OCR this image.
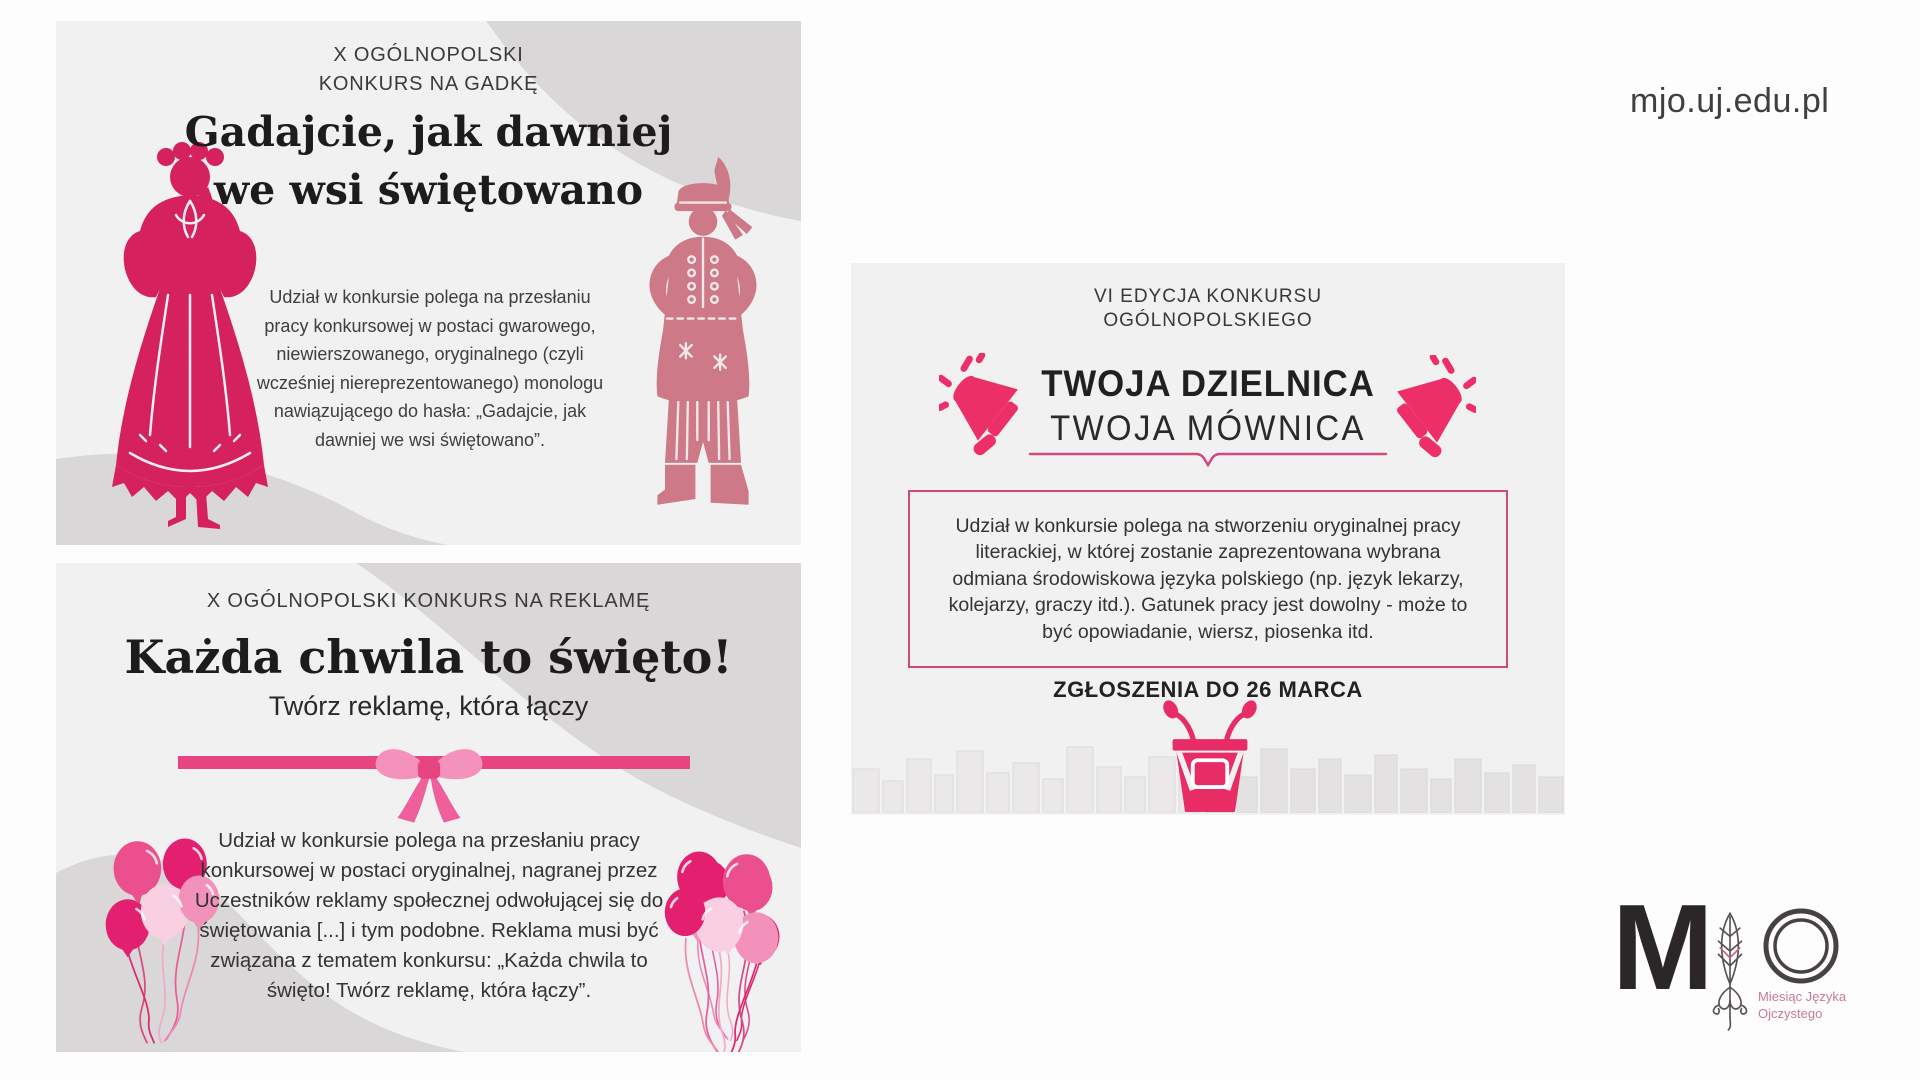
X OGÓLNOPOLSKI
KONKURS NA GADKĘ
Gadajcie, jak dawniej
we wsi świętowano

Udział w konkursie polega na przesłaniu pracy konkursowej w postaci gwarowego, niewierszowanego, oryginalnego (czyli wcześniej niereprezentowanego) monologu nawiązującego do hasła: „Gadajcie, jak dawniej we wsi świętowano”.

X OGÓLNOPOLSKI KONKURS NA REKLAMĘ
Każda chwila to święto!
Twórz reklamę, która łączy

Udział w konkursie polega na przesłaniu pracy konkursowej w postaci oryginalnej, nagranej przez Uczestników reklamy społecznej odwołującej się do świętowania [...] i tym podobne. Reklama musi być związana z tematem konkursu: „Każda chwila to święto! Twórz reklamę, która łączy”.

VI EDYCJA KONKURSU
OGÓLNOPOLSKIEGO
TWOJA DZIELNICA
TWOJA MÓWNICA

Udział w konkursie polega na stworzeniu oryginalnej pracy literackiej, w której zostanie zaprezentowana wybrana odmiana środowiskowa języka polskiego (np. język lekarzy, kolejarzy, graczy itd.). Gatunek pracy jest dowolny - może to być opowiadanie, wiersz, piosenka itd.

ZGŁOSZENIA DO 26 MARCA
mjo.uj.edu.pl
M	Miesiąc Języka
Ojczystego
